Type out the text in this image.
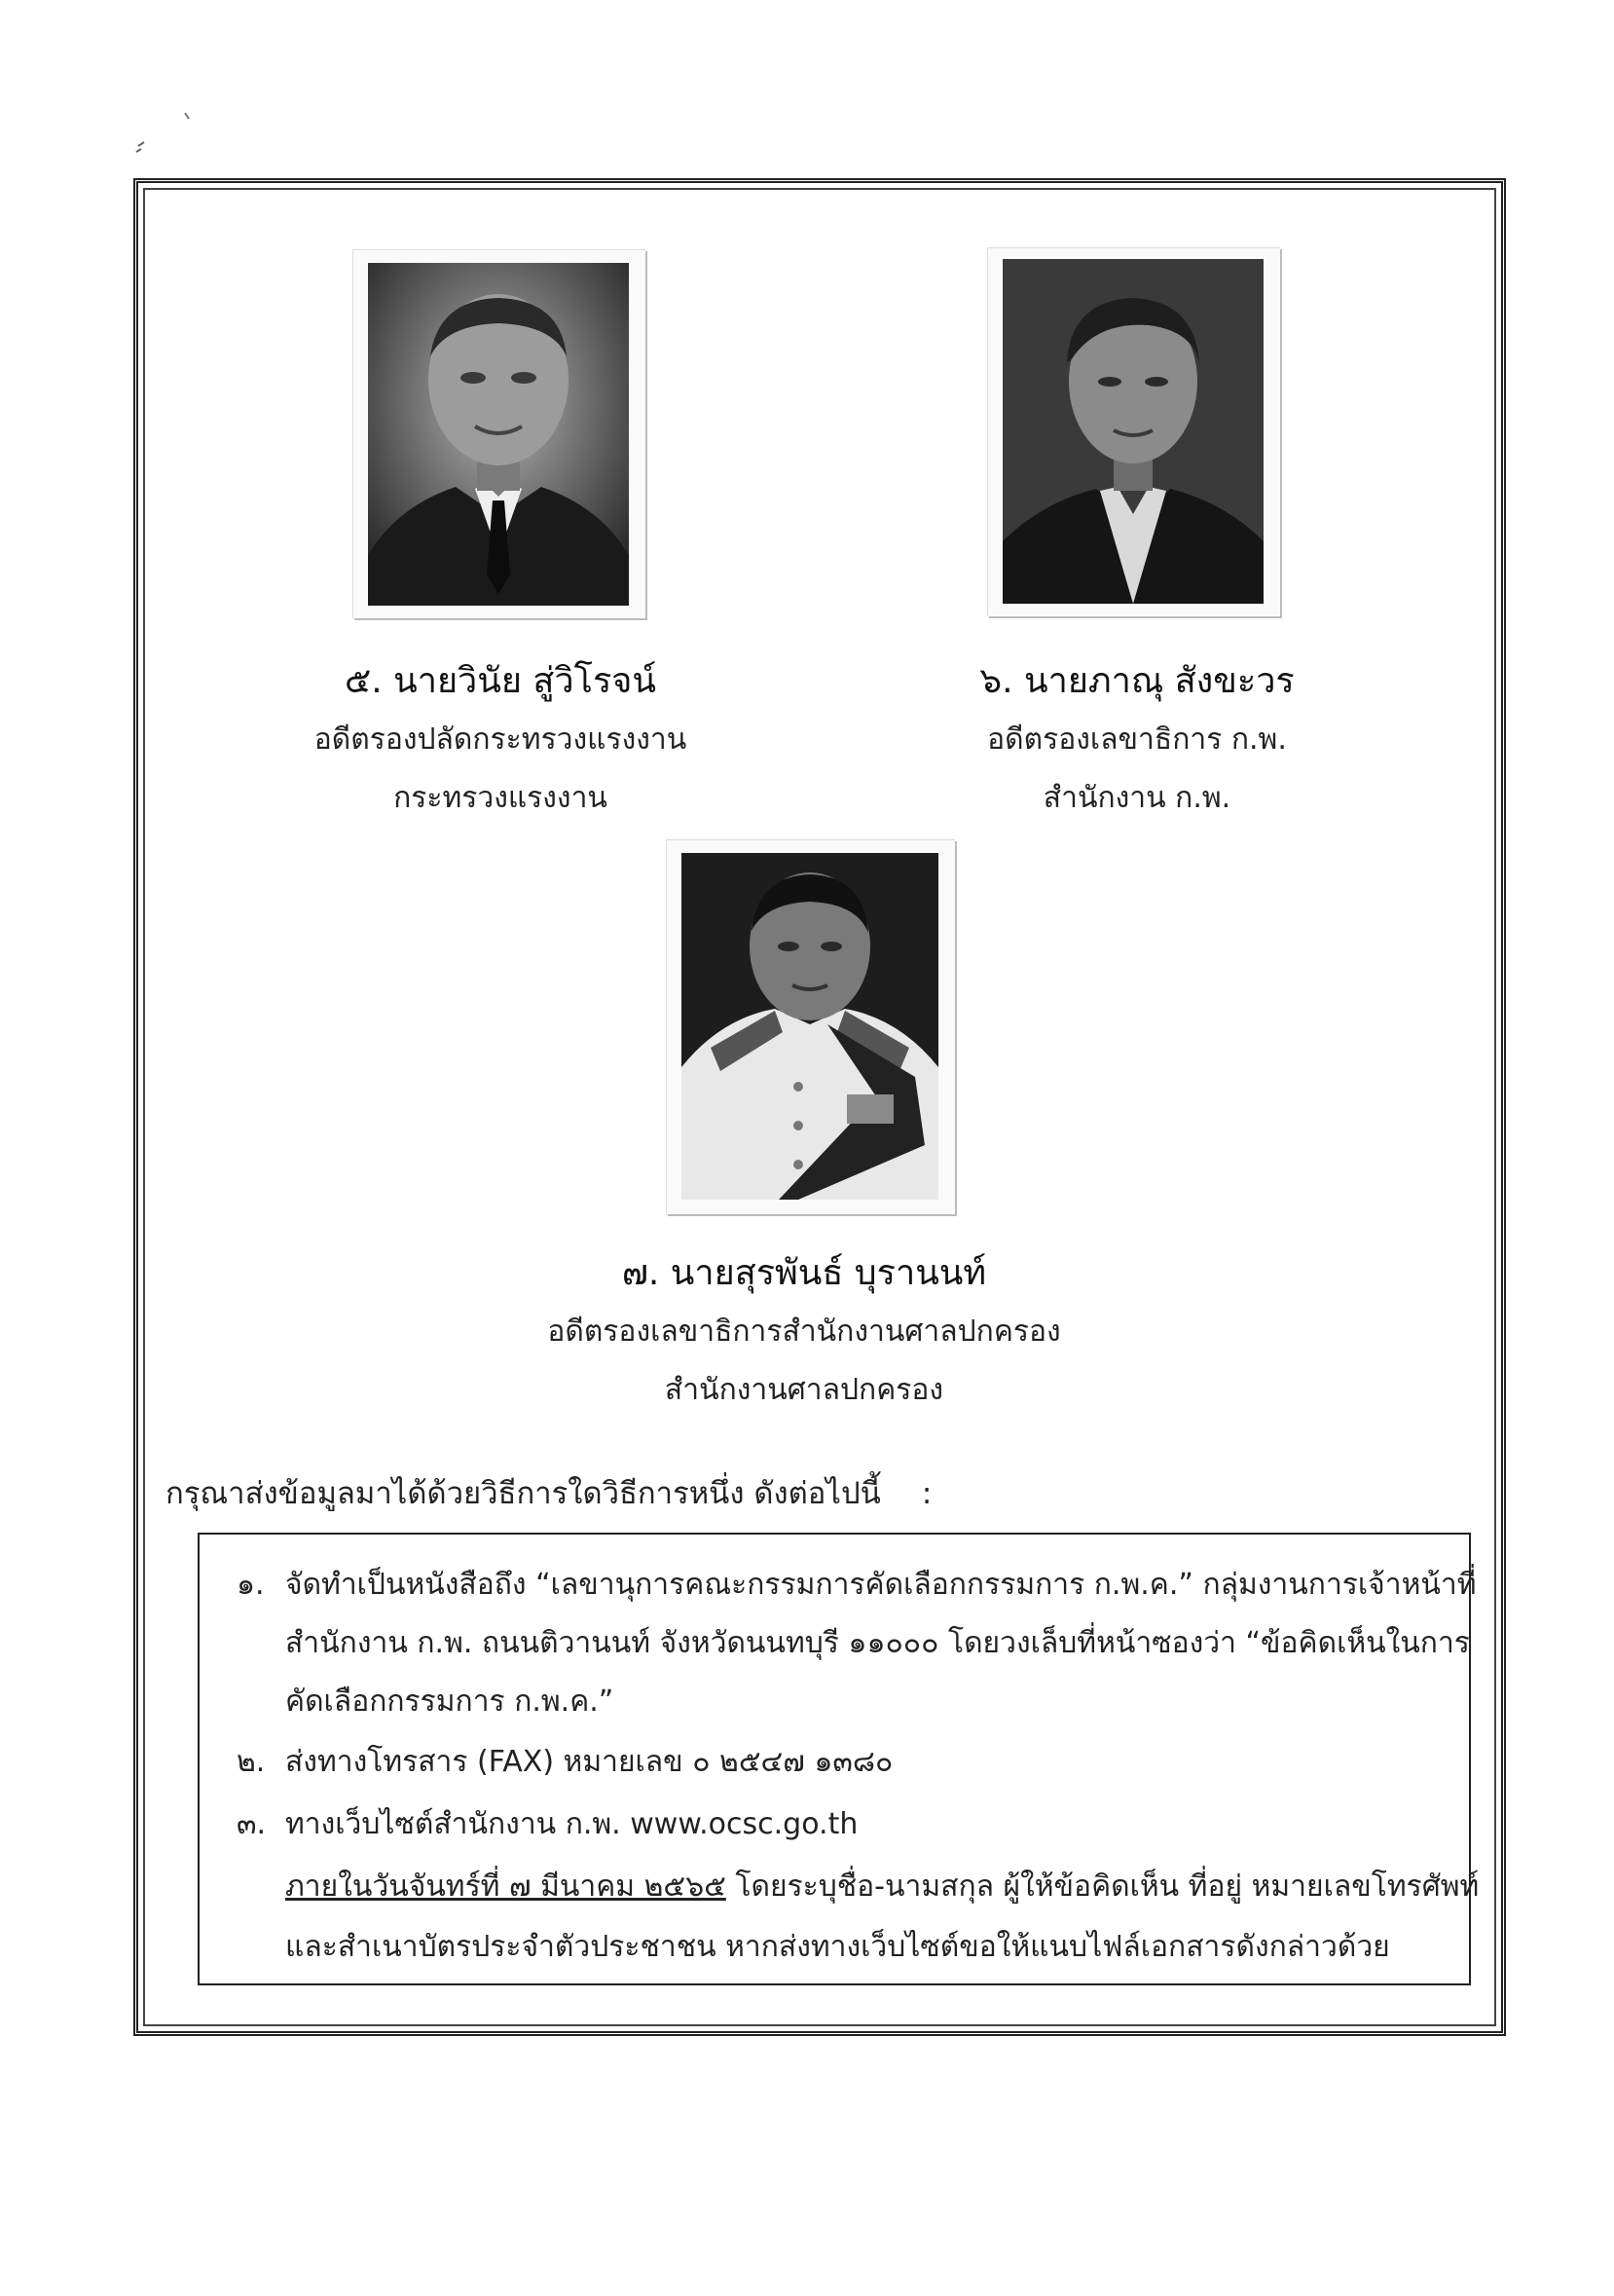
๕. นายวินัย สู่วิโรจน์
อดีตรองปลัดกระทรวงแรงงาน
กระทรวงแรงงาน
๖. นายภาณุ สังขะวร
อดีตรองเลขาธิการ ก.พ.
สำนักงาน ก.พ.
๗. นายสุรพันธ์ บุรานนท์
อดีตรองเลขาธิการสำนักงานศาลปกครอง
สำนักงานศาลปกครอง
กรุณาส่งข้อมูลมาได้ด้วยวิธีการใดวิธีการหนึ่ง ดังต่อไปนี้ :
๑. จัดทำเป็นหนังสือถึง “เลขานุการคณะกรรมการคัดเลือกกรรมการ ก.พ.ค.” กลุ่มงานการเจ้าหน้าที่
สำนักงาน ก.พ. ถนนติวานนท์ จังหวัดนนทบุรี ๑๑๐๐๐ โดยวงเล็บที่หน้าซองว่า “ข้อคิดเห็นในการ
คัดเลือกกรรมการ ก.พ.ค.”
๒. ส่งทางโทรสาร (FAX) หมายเลข ๐ ๒๕๔๗ ๑๓๘๐
๓. ทางเว็บไซต์สำนักงาน ก.พ. www.ocsc.go.th
ภายในวันจันทร์ที่ ๗ มีนาคม ๒๕๖๕ โดยระบุชื่อ-นามสกุล ผู้ให้ข้อคิดเห็น ที่อยู่ หมายเลขโทรศัพท์
และสำเนาบัตรประจำตัวประชาชน หากส่งทางเว็บไซต์ขอให้แนบไฟล์เอกสารดังกล่าวด้วย
